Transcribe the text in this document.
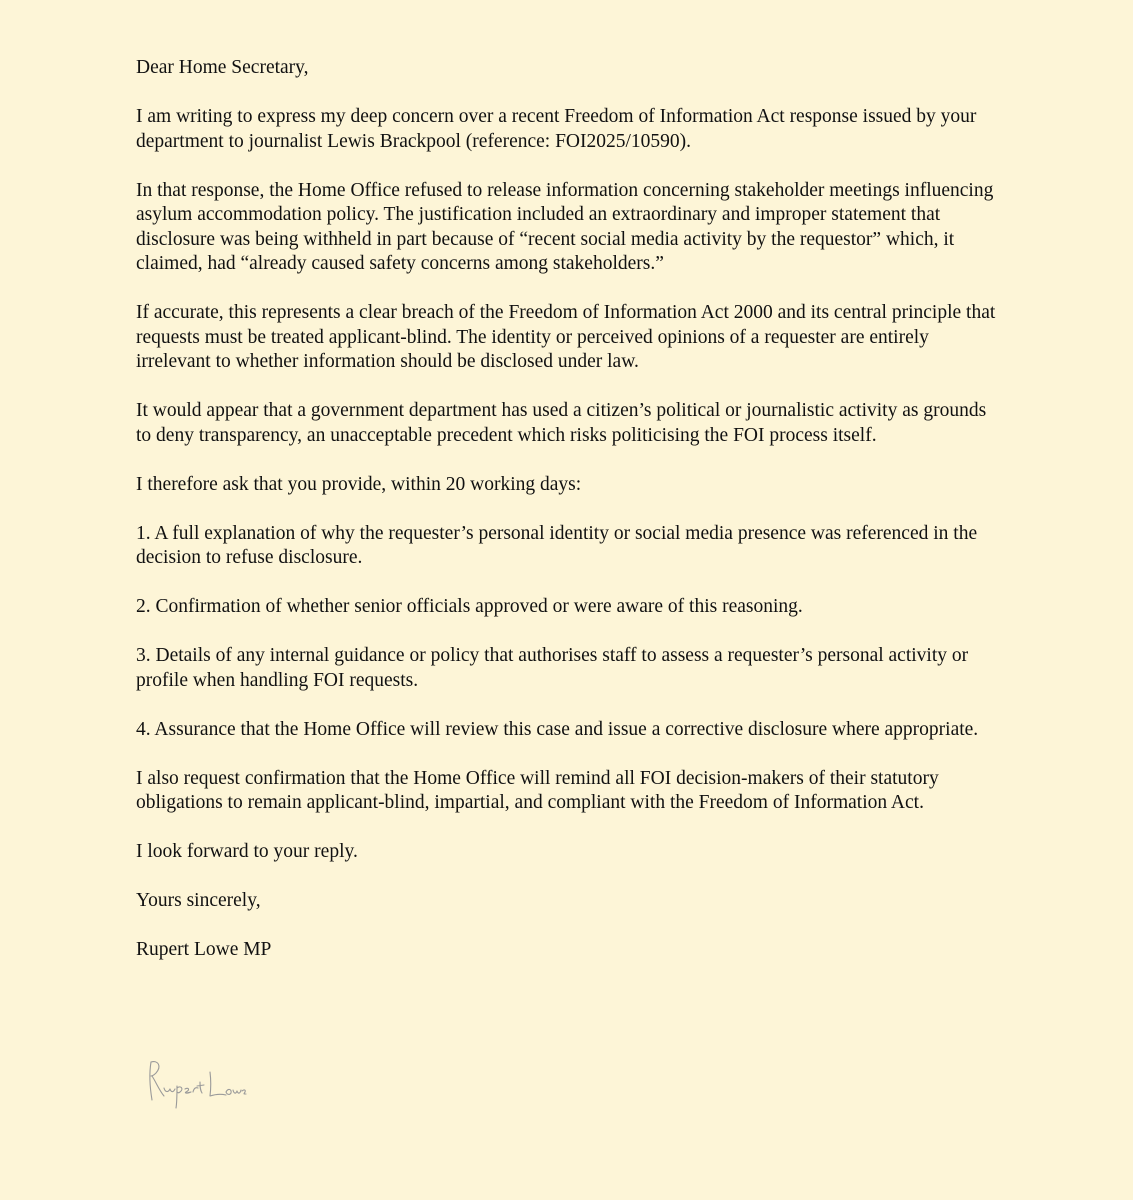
Dear Home Secretary,

I am writing to express my deep concern over a recent Freedom of Information Act response issued by your department to journalist Lewis Brackpool (reference: FOI2025/10590).

In that response, the Home Office refused to release information concerning stakeholder meetings influencing asylum accommodation policy. The justification included an extraordinary and improper statement that disclosure was being withheld in part because of “recent social media activity by the requestor” which, it claimed, had “already caused safety concerns among stakeholders.”

If accurate, this represents a clear breach of the Freedom of Information Act 2000 and its central principle that requests must be treated applicant-blind. The identity or perceived opinions of a requester are entirely irrelevant to whether information should be disclosed under law.

It would appear that a government department has used a citizen’s political or journalistic activity as grounds to deny transparency, an unacceptable precedent which risks politicising the FOI process itself.

I therefore ask that you provide, within 20 working days:

1. A full explanation of why the requester’s personal identity or social media presence was referenced in the decision to refuse disclosure.

2. Confirmation of whether senior officials approved or were aware of this reasoning.

3. Details of any internal guidance or policy that authorises staff to assess a requester’s personal activity or profile when handling FOI requests.

4. Assurance that the Home Office will review this case and issue a corrective disclosure where appropriate.

I also request confirmation that the Home Office will remind all FOI decision-makers of their statutory obligations to remain applicant-blind, impartial, and compliant with the Freedom of Information Act.

I look forward to your reply.

Yours sincerely,

Rupert Lowe MP
